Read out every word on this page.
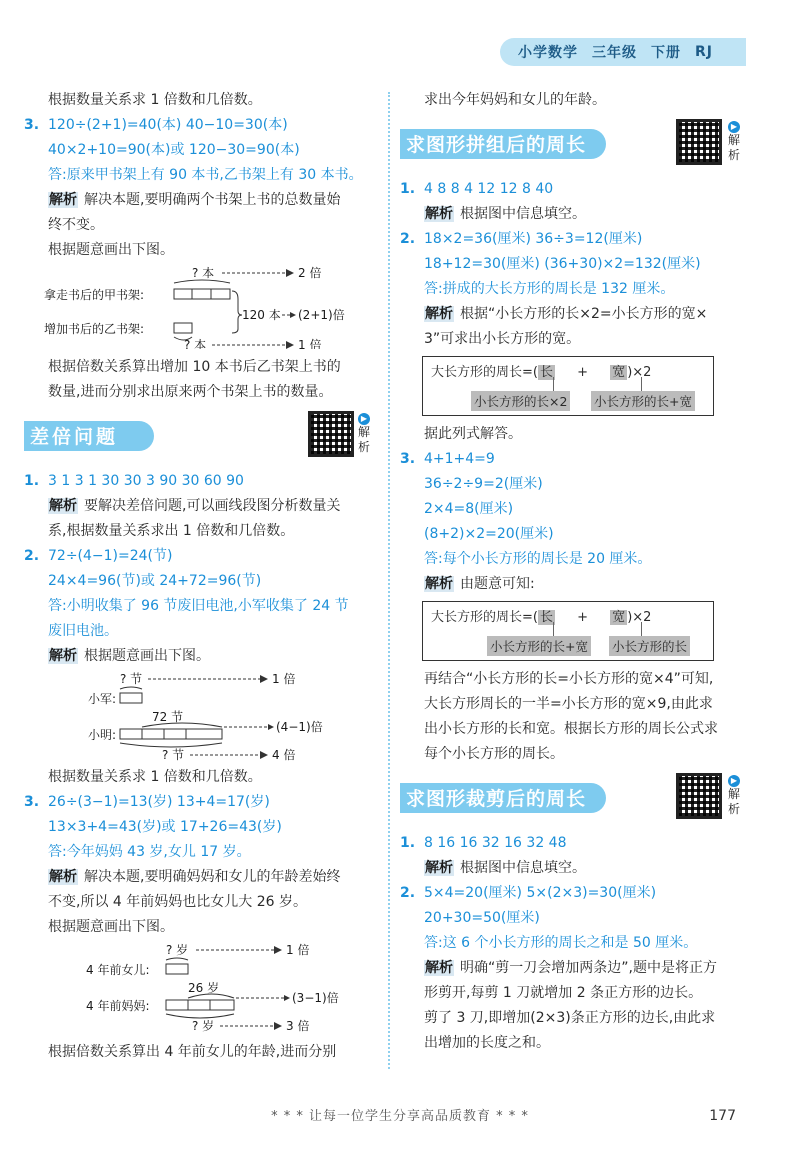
小学数学 三年级 下册 RJ
根据数量关系求 1 倍数和几倍数。
3. 120÷(2+1)=40(本) 40−10=30(本)
40×2+10=90(本)或 120−30=90(本)
答:原来甲书架上有 90 本书,乙书架上有 30 本书。
解析 解决本题,要明确两个书架上书的总数量始
终不变。
根据题意画出下图。
? 本	2 倍
拿走书后的甲书架:
120 本 (2+1)倍
增加书后的乙书架:
? 本	1 倍
根据倍数关系算出增加 10 本书后乙书架上书的
数量,进而分别求出原来两个书架上书的数量。
差倍问题
▶
解析
1. 3 1 3 1 30 30 3 90 30 60 90
解析 要解决差倍问题,可以画线段图分析数量关
系,根据数量关系求出 1 倍数和几倍数。
2. 72÷(4−1)=24(节)
24×4=96(节)或 24+72=96(节)
答:小明收集了 96 节废旧电池,小军收集了 24 节
废旧电池。
解析 根据题意画出下图。
? 节	1 倍
小军:
72 节
(4−1)倍
小明:
? 节	4 倍
根据数量关系求 1 倍数和几倍数。
3. 26÷(3−1)=13(岁) 13+4=17(岁)
13×3+4=43(岁)或 17+26=43(岁)
答:今年妈妈 43 岁,女儿 17 岁。
解析 解决本题,要明确妈妈和女儿的年龄差始终
不变,所以 4 年前妈妈也比女儿大 26 岁。
根据题意画出下图。
? 岁	1 倍
4 年前女儿:
26 岁
(3−1)倍
4 年前妈妈:
? 岁	3 倍
根据倍数关系算出 4 年前女儿的年龄,进而分别
求出今年妈妈和女儿的年龄。
求图形拼组后的周长
▶
解析
1. 4 8 8 4 12 12 8 40
解析 根据图中信息填空。
2. 18×2=36(厘米) 36÷3=12(厘米)
18+12=30(厘米) (36+30)×2=132(厘米)
答:拼成的大长方形的周长是 132 厘米。
解析 根据“小长方形的长×2=小长方形的宽×
3”可求出小长方形的宽。
大长方形的周长=( 长 + 宽 )×2
小长方形的长×2 小长方形的长+宽
据此列式解答。
3. 4+1+4=9
36÷2÷9=2(厘米)
2×4=8(厘米)
(8+2)×2=20(厘米)
答:每个小长方形的周长是 20 厘米。
解析 由题意可知:
大长方形的周长=( 长 + 宽 )×2
小长方形的长+宽 小长方形的长
再结合“小长方形的长=小长方形的宽×4”可知,
大长方形周长的一半=小长方形的宽×9,由此求
出小长方形的长和宽。根据长方形的周长公式求
每个小长方形的周长。
求图形裁剪后的周长
▶
解析
1. 8 16 16 32 16 32 48
解析 根据图中信息填空。
2. 5×4=20(厘米) 5×(2×3)=30(厘米)
20+30=50(厘米)
答:这 6 个小长方形的周长之和是 50 厘米。
解析 明确“剪一刀会增加两条边”,题中是将正方
形剪开,每剪 1 刀就增加 2 条正方形的边长。
剪了 3 刀,即增加(2×3)条正方形的边长,由此求
出增加的长度之和。
* * * 让每一位学生分享高品质教育 * * *	177
